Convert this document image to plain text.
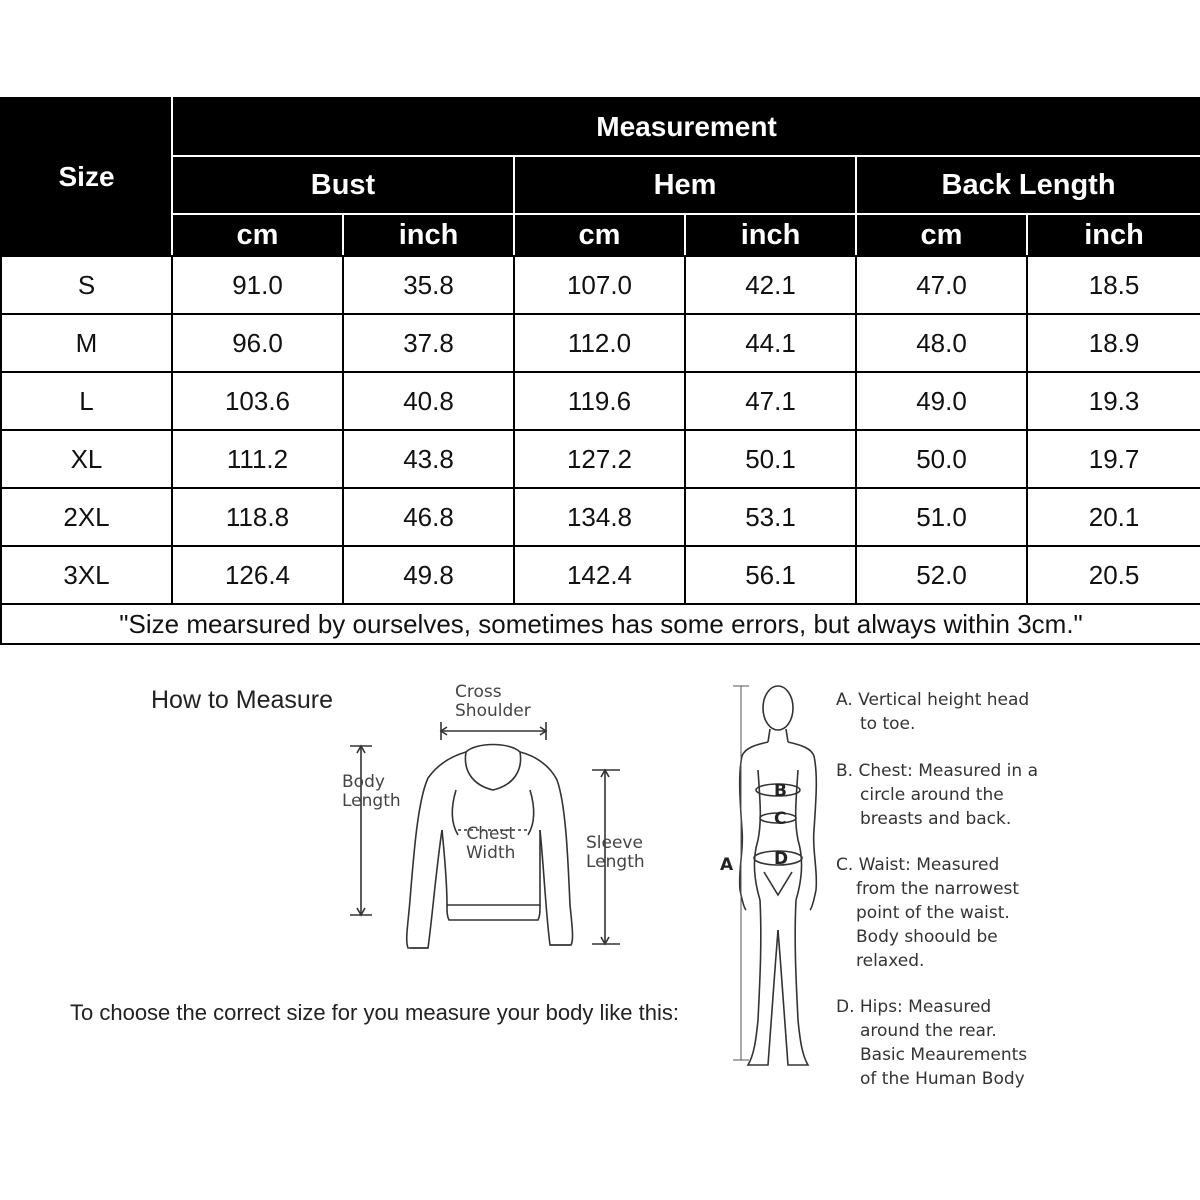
Size	Measurement					
	Bust		Hem		Back Length	
	cm	inch	cm	inch	cm	inch
S	91.0	35.8	107.0	42.1	47.0	18.5
M	96.0	37.8	112.0	44.1	48.0	18.9
L	103.6	40.8	119.6	47.1	49.0	19.3
XL	111.2	43.8	127.2	50.1	50.0	19.7
2XL	118.8	46.8	134.8	53.1	51.0	20.1
3XL	126.4	49.8	142.4	56.1	52.0	20.5
"Size mearsured by ourselves, sometimes has some errors, but always within 3cm."						
How to Measure	Cross
Shoulder
Body
Length
Chest
Width	Sleeve
Length
To choose the correct size for you measure your body like this:
A
B
C
D
A. Vertical height head
to toe.
B. Chest: Measured in a
circle around the
breasts and back.
C. Waist: Measured
from the narrowest
point of the waist.
Body shoould be
relaxed.
D. Hips: Measured
around the rear.
Basic Meaurements
of the Human Body
